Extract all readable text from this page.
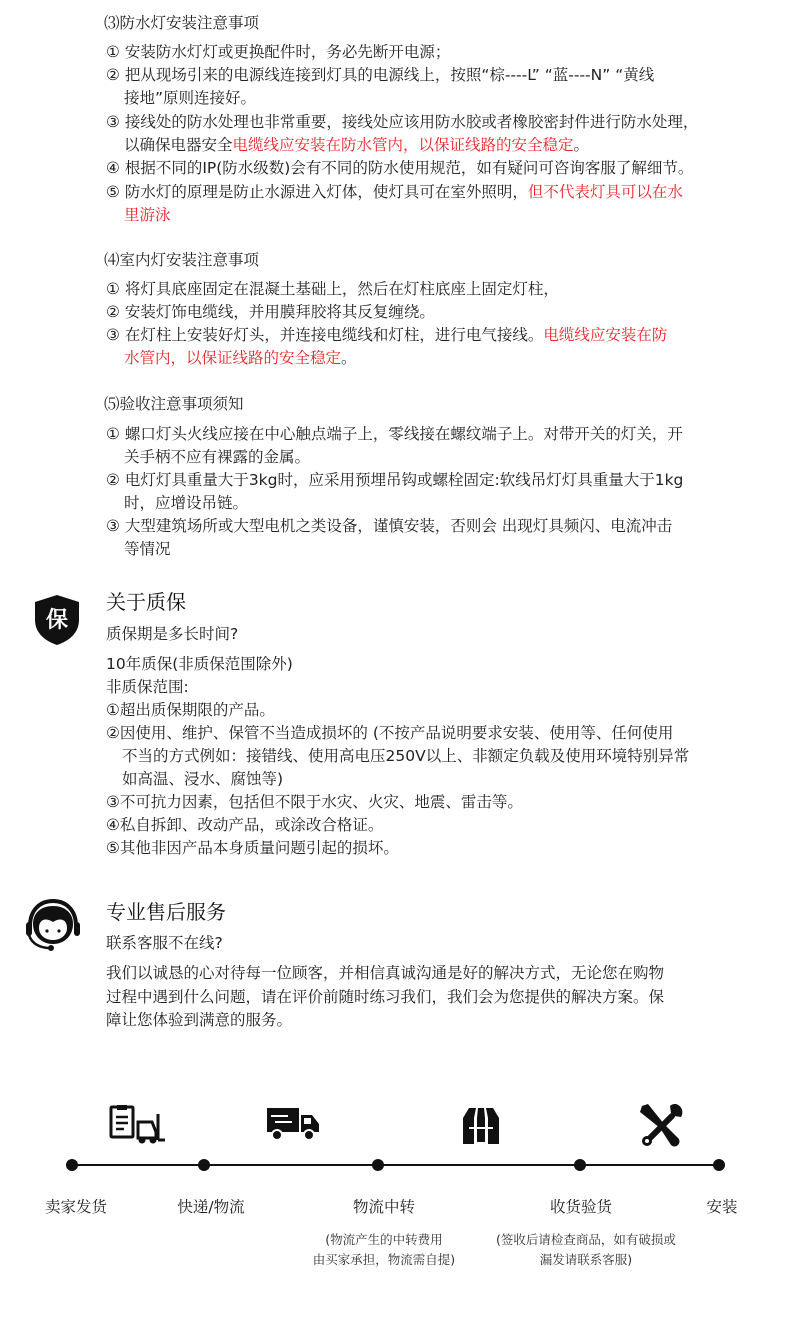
⑶防水灯安装注意事项
① 安装防水灯灯或更换配件时，务必先断开电源；
② 把从现场引来的电源线连接到灯具的电源线上，按照“棕----L” “蓝----N” “黄线
接地”原则连接好。
③ 接线处的防水处理也非常重要，接线处应该用防水胶或者橡胶密封件进行防水处理，
以确保电器安全电缆线应安装在防水管内，以保证线路的安全稳定。
④ 根据不同的IP(防水级数)会有不同的防水使用规范，如有疑问可咨询客服了解细节。
⑤ 防水灯的原理是防止水源进入灯体，使灯具可在室外照明，但不代表灯具可以在水
里游泳
⑷室内灯安装注意事项
① 将灯具底座固定在混凝土基础上，然后在灯柱底座上固定灯柱，
② 安装灯饰电缆线，并用膜拜胶将其反复缠绕。
③ 在灯柱上安装好灯头，并连接电缆线和灯柱，进行电气接线。电缆线应安装在防
水管内，以保证线路的安全稳定。
⑸验收注意事项须知
① 螺口灯头火线应接在中心触点端子上，零线接在螺纹端子上。对带开关的灯关，开
关手柄不应有裸露的金属。
② 电灯灯具重量大于3kg时，应采用预埋吊钩或螺栓固定:软线吊灯灯具重量大于1kg
时，应增设吊链。
③ 大型建筑场所或大型电机之类设备，谨慎安装，否则会 出现灯具频闪、电流冲击
等情况
保
关于质保
质保期是多长时间?
10年质保(非质保范围除外)
非质保范围:
①超出质保期限的产品。
②因使用、维护、保管不当造成损坏的 (不按产品说明要求安装、使用等、任何使用
不当的方式例如：接错线、使用高电压250V以上、非额定负载及使用环境特别异常
如高温、浸水、腐蚀等)
③不可抗力因素，包括但不限于水灾、火灾、地震、雷击等。
④私自拆卸、改动产品，或涂改合格证。
⑤其他非因产品本身质量问题引起的损坏。
专业售后服务
联系客服不在线?
我们以诚恳的心对待每一位顾客，并相信真诚沟通是好的解决方式，无论您在购物
过程中遇到什么问题，请在评价前随时练习我们，我们会为您提供的解决方案。保
障让您体验到满意的服务。
卖家发货	快递/物流	物流中转	收货验货	安装
(物流产生的中转费用
由买家承担，物流需自提)
(签收后请检查商品，如有破损或
漏发请联系客服)
